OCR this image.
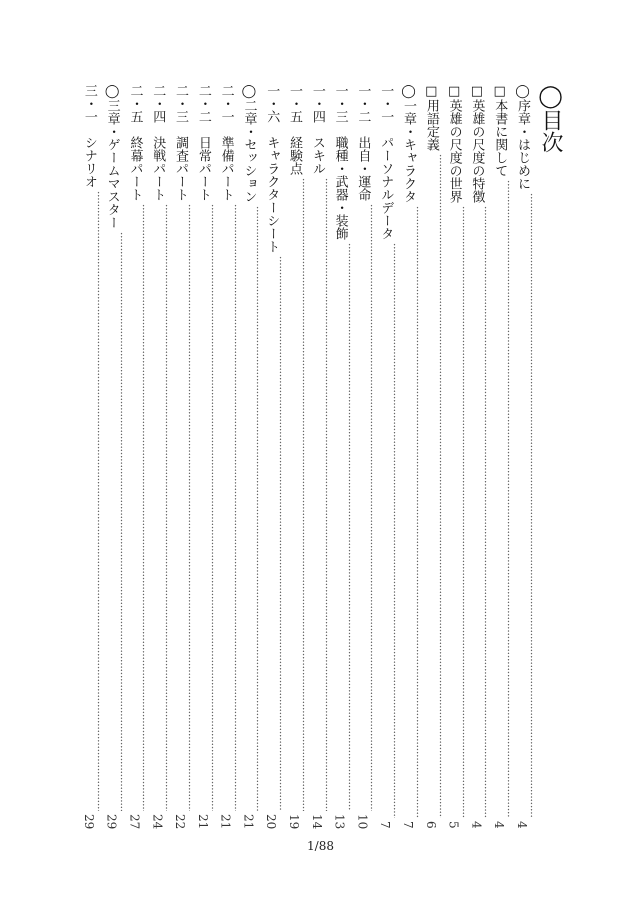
◯目次
◯序章・はじめに
4
□本書に関して
4
□英雄の尺度の特徴
4
□英雄の尺度の世界
5
□用語定義
6
◯一章・キャラクタ
7
一・一　パーソナルデータ
7
一・二　出自・運命
10
一・三　職種・武器・装飾
13
一・四　スキル
14
一・五　経験点
19
一・六　キャラクターシート
20
◯二章・セッション
21
二・一　準備パート
21
二・二　日常パート
21
二・三　調査パート
22
二・四　決戦パート
24
二・五　終幕パート
27
◯三章・ゲームマスター
29
三・一　シナリオ
29
1/88
